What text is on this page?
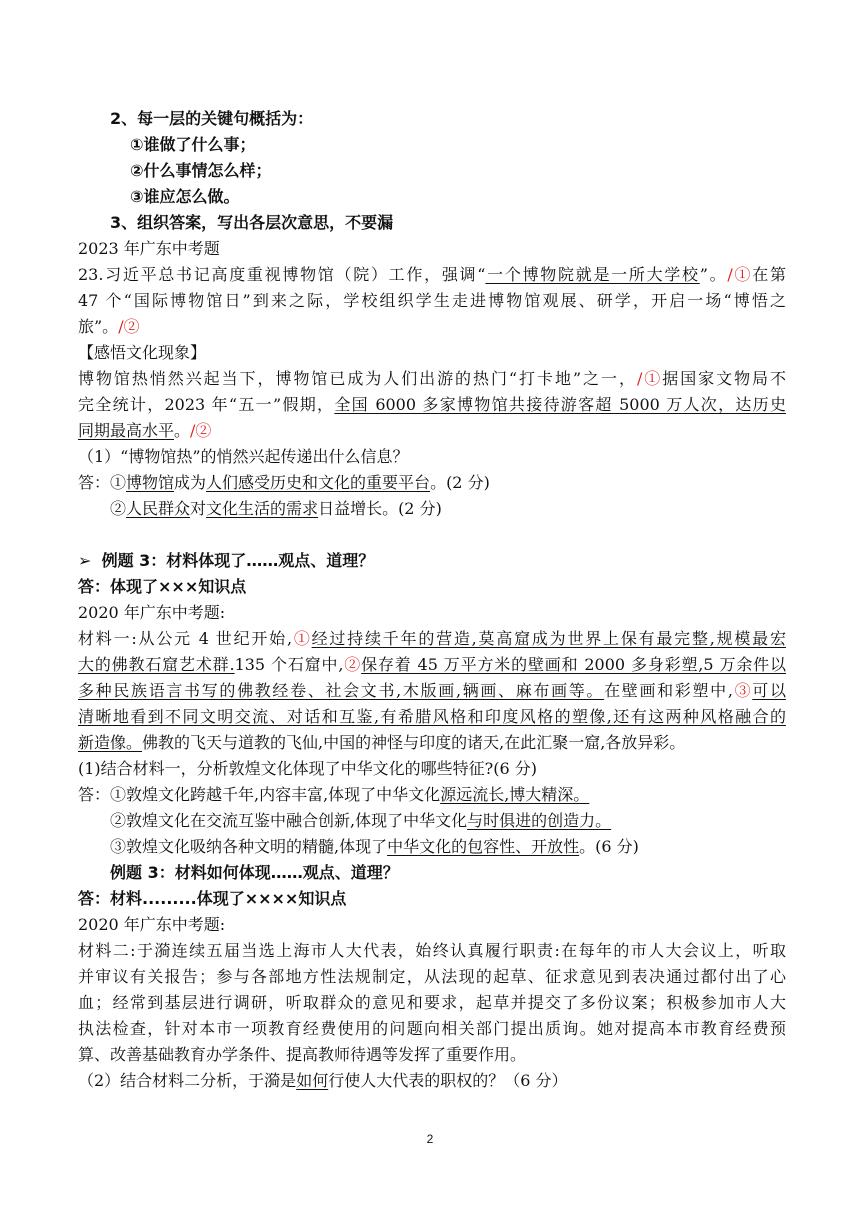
2、每一层的关键句概括为：
①谁做了什么事；
②什么事情怎么样；
③谁应怎么做。
3、组织答案，写出各层次意思，不要漏
2023 年广东中考题
23.习近平总书记高度重视博物馆（院）工作，强调“一个博物院就是一所大学校”。/①在第
47 个“国际博物馆日”到来之际，学校组织学生走进博物馆观展、研学，开启一场“博悟之
旅”。/②
【感悟文化现象】
博物馆热悄然兴起当下，博物馆已成为人们出游的热门“打卡地”之一，/①据国家文物局不
完全统计，2023 年“五一”假期，全国 6000 多家博物馆共接待游客超 5000 万人次，达历史
同期最高水平。/②
（1）“博物馆热”的悄然兴起传递出什么信息？
答：①博物馆成为人们感受历史和文化的重要平台。(2 分)
②人民群众对文化生活的需求日益增长。(2 分)
➢ 例题 3：材料体现了……观点、道理？
答：体现了×××知识点
2020 年广东中考题:
材料一:从公元 4 世纪开始,①经过持续千年的营造,莫高窟成为世界上保有最完整,规模最宏
大的佛教石窟艺术群.135 个石窟中,②保存着 45 万平方米的壁画和 2000 多身彩塑,5 万余件以
多种民族语言书写的佛教经卷、社会文书,木版画,辆画、麻布画等。在壁画和彩塑中,③可以
清晰地看到不同文明交流、对话和互鉴,有希腊风格和印度风格的塑像,还有这两种风格融合的
新造像。佛教的飞天与道教的飞仙,中国的神怪与印度的诸天,在此汇聚一窟,各放异彩。
(1)结合材料一，分析敦煌文化体现了中华文化的哪些特征?(6 分)
答：①敦煌文化跨越千年,内容丰富,体现了中华文化源远流长,博大精深。
②敦煌文化在交流互鉴中融合创新,体现了中华文化与时俱进的创造力。
③敦煌文化吸纳各种文明的精髓,体现了中华文化的包容性、开放性。(6 分)
例题 3：材料如何体现……观点、道理？
答：材料.........体现了××××知识点
2020 年广东中考题:
材料二:于漪连续五届当选上海市人大代表，始终认真履行职责:在每年的市人大会议上，听取
并审议有关报告；参与各部地方性法规制定，从法现的起草、征求意见到表决通过都付出了心
血；经常到基层进行调研，听取群众的意见和要求，起草并提交了多份议案；积极参加市人大
执法检查，针对本市一项教育经费使用的问题向相关部门提出质询。她对提高本市教育经费预
算、改善基础教育办学条件、提高教师待遇等发挥了重要作用。
（2）结合材料二分析，于漪是如何行使人大代表的职权的？（6 分）
2
